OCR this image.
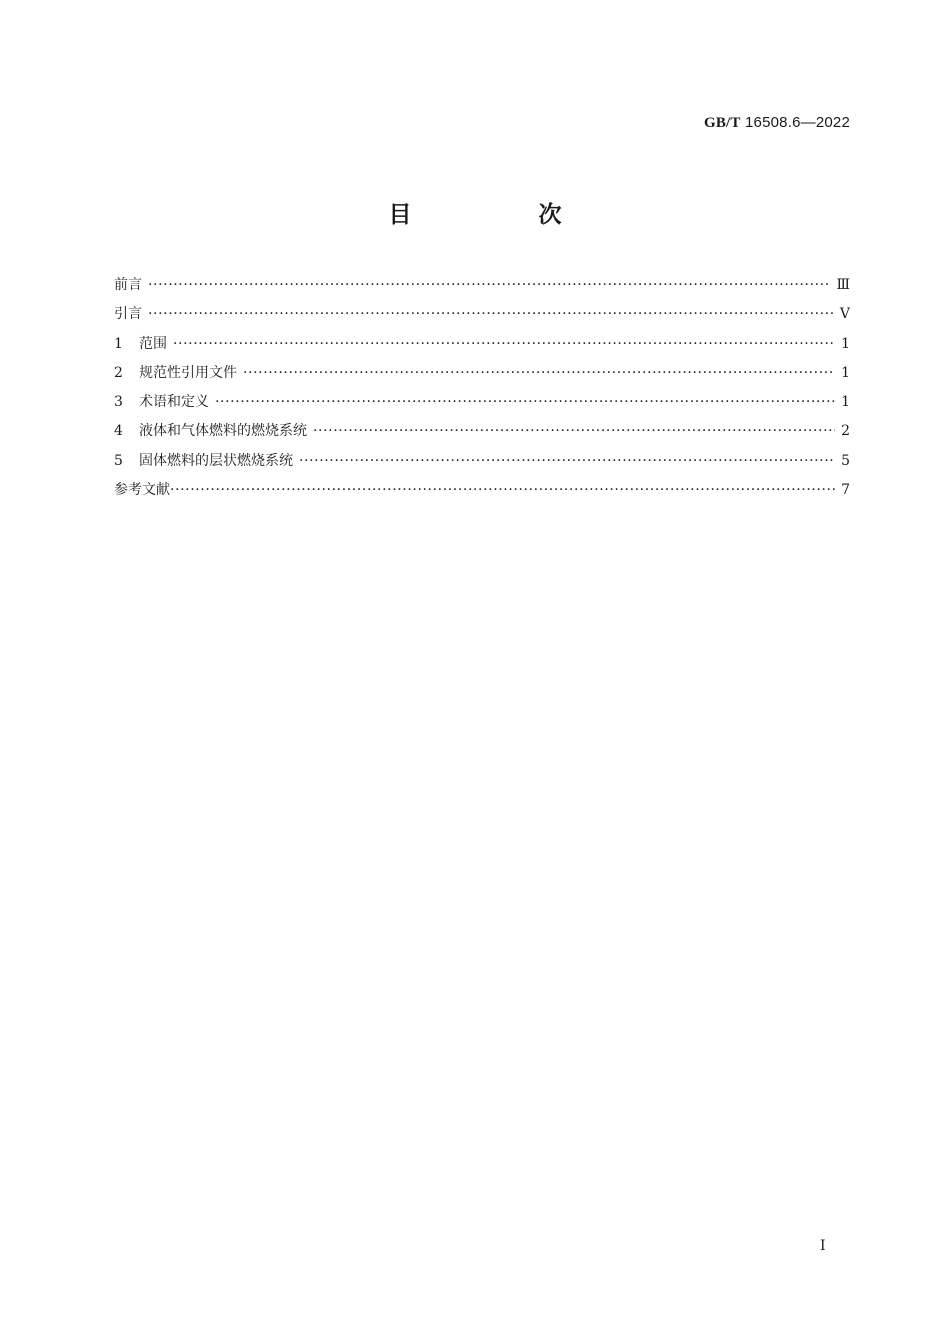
GB/T 16508.6—2022
目　次
前言 ·····	Ⅲ
引言 ·····	Ⅴ
1	范围 ·····	1
2	规范性引用文件 ·····	1
3	术语和定义 ·····	1
4	液体和气体燃料的燃烧系统 ·····	2
5	固体燃料的层状燃烧系统 ·····	5
参考文献 ·····	7
Ⅰ
